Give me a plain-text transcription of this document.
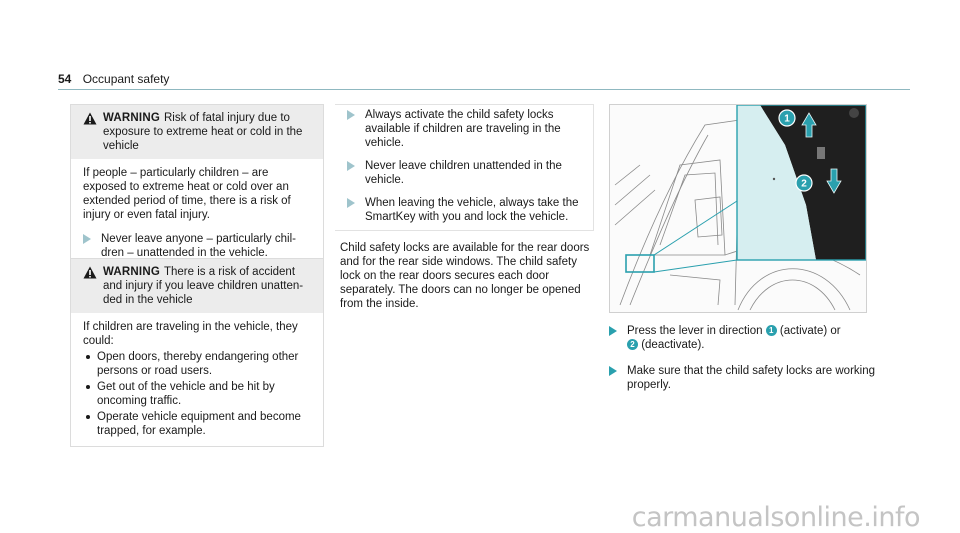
54 Occupant safety
WARNING Risk of fatal injury due to exposure to extreme heat or cold in the vehicle
If people – particularly children – are exposed to extreme heat or cold over an extended period of time, there is a risk of injury or even fatal injury.
Never leave anyone – particularly chil- dren – unattended in the vehicle.
WARNING There is a risk of accident and injury if you leave children unatten- ded in the vehicle
If children are traveling in the vehicle, they could:
Open doors, thereby endangering other persons or road users.
Get out of the vehicle and be hit by oncoming traffic.
Operate vehicle equipment and become trapped, for example.
Always activate the child safety locks available if children are traveling in the vehicle.
Never leave children unattended in the vehicle.
When leaving the vehicle, always take the SmartKey with you and lock the vehicle.
Child safety locks are available for the rear doors and for the rear side windows. The child safety lock on the rear doors secures each door separately. The doors can no longer be opened from the inside.
1
2
Press the lever in direction 1 (activate) or
2 (deactivate).
Make sure that the child safety locks are working properly.
carmanualsonline.info
